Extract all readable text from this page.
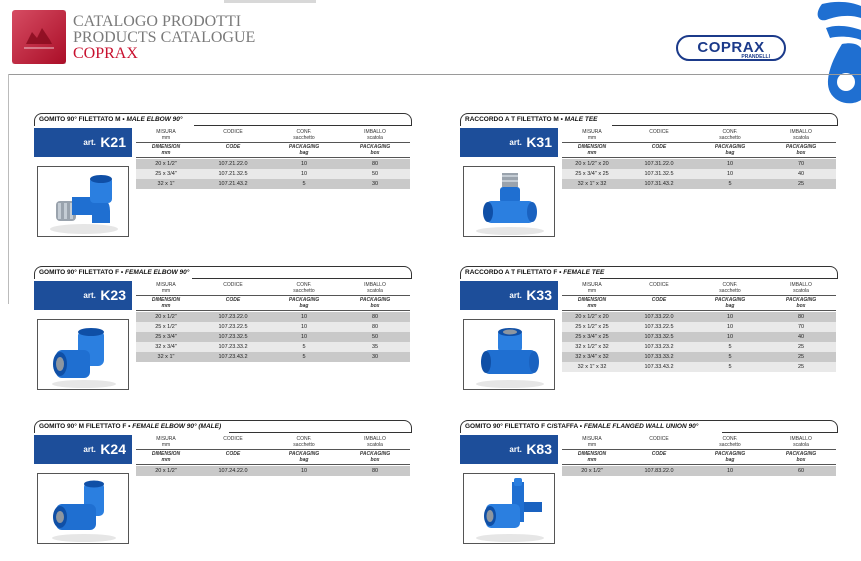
CATALOGO PRODOTTI
PRODUCTS CATALOGUE
COPRAX	COPRAX
PRANDELLI
GOMITO 90° FILETTATO M • MALE ELBOW 90°
art. K21
MISURA
mm
CODICE	CONF.
sacchetto
IMBALLO
scatola
DIMENSION
mm
CODE	PACKAGING
bag
PACKAGING
box
20 x 1/2"	107.21.22.0	10	80
25 x 3/4"	107.21.32.5	10	50
32 x 1"	107.21.43.2	5	30
RACCORDO A T FILETTATO M • MALE TEE
art. K31
MISURA
mm
CODICE	CONF.
sacchetto
IMBALLO
scatola
DIMENSION
mm
CODE	PACKAGING
bag
PACKAGING
box
20 x 1/2" x 20	107.31.22.0	10	70
25 x 3/4" x 25	107.31.32.5	10	40
32 x 1" x 32	107.31.43.2	5	25
GOMITO 90° FILETTATO F • FEMALE ELBOW 90°
art. K23
MISURA
mm
CODICE	CONF.
sacchetto
IMBALLO
scatola
DIMENSION
mm
CODE	PACKAGING
bag
PACKAGING
box
20 x 1/2"	107.23.22.0	10	80
25 x 1/2"	107.23.22.5	10	80
25 x 3/4"	107.23.32.5	10	50
32 x 3/4"	107.23.33.2	5	35
32 x 1"	107.23.43.2	5	30
RACCORDO A T FILETTATO F • FEMALE TEE
art. K33
MISURA
mm
CODICE	CONF.
sacchetto
IMBALLO
scatola
DIMENSION
mm
CODE	PACKAGING
bag
PACKAGING
box
20 x 1/2" x 20	107.33.22.0	10	80
25 x 1/2" x 25	107.33.22.5	10	70
25 x 3/4" x 25	107.33.32.5	10	40
32 x 1/2" x 32	107.33.23.2	5	25
32 x 3/4" x 32	107.33.33.2	5	25
32 x 1" x 32	107.33.43.2	5	25
GOMITO 90° M FILETTATO F • FEMALE ELBOW 90° (MALE)
art. K24
MISURA
mm
CODICE	CONF.
sacchetto
IMBALLO
scatola
DIMENSION
mm
CODE	PACKAGING
bag
PACKAGING
box
20 x 1/2"	107.24.22.0	10	80
GOMITO 90° FILETTATO F C/STAFFA • FEMALE FLANGED WALL UNION 90°
art. K83
MISURA
mm
CODICE	CONF.
sacchetto
IMBALLO
scatola
DIMENSION
mm
CODE	PACKAGING
bag
PACKAGING
box
20 x 1/2"	107.83.22.0	10	60
